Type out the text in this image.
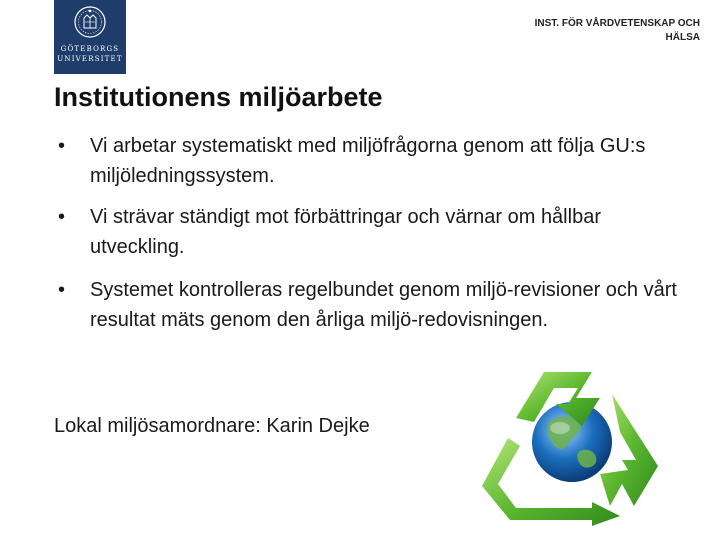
GÖTEBORGS
UNIVERSITET
INST. FÖR VÅRDVETENSKAP OCH
HÄLSA
Institutionens miljöarbete
• Vi arbetar systematiskt med miljöfrågorna genom att följa GU:s miljöledningssystem.
• Vi strävar ständigt mot förbättringar och värnar om hållbar utveckling.
• Systemet kontrolleras regelbundet genom miljö-revisioner och vårt resultat mäts genom den årliga miljö-redovisningen.
Lokal miljösamordnare: Karin Dejke
